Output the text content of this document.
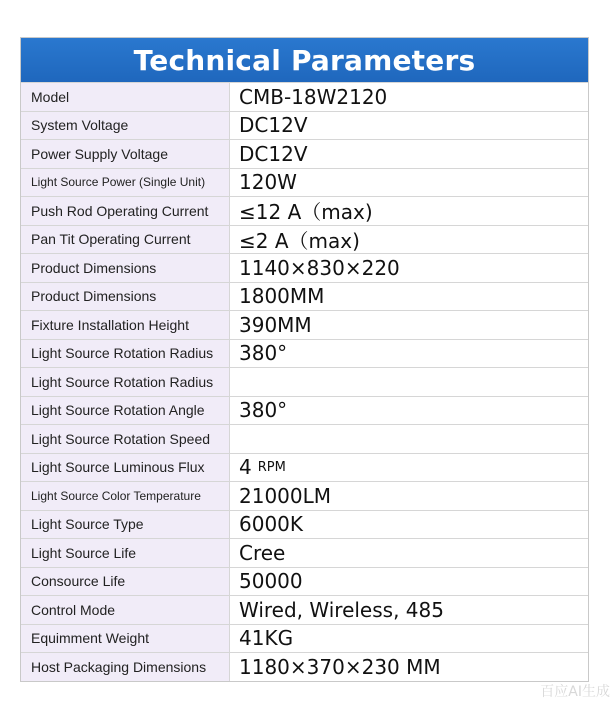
Technical Parameters
Model	CMB-18W2120
System Voltage	DC12V
Power Supply Voltage	DC12V
Light Source Power (Single Unit)	120W
Push Rod Operating Current	≤12 A（max)
Pan Tit Operating Current	≤2 A（max)
Product Dimensions	1140×830×220
Product Dimensions	1800MM
Fixture Installation Height	390MM
Light Source Rotation Radius	380°
Light Source Rotation Radius
Light Source Rotation Angle	380°
Light Source Rotation Speed
Light Source Luminous Flux	4 RPM
Light Source Color Temperature	21000LM
Light Source Type	6000K
Light Source Life	Cree
Consource Life	50000
Control Mode	Wired, Wireless, 485
Equimment Weight	41KG
Host Packaging Dimensions	1180×370×230 MM
百应AI生成
